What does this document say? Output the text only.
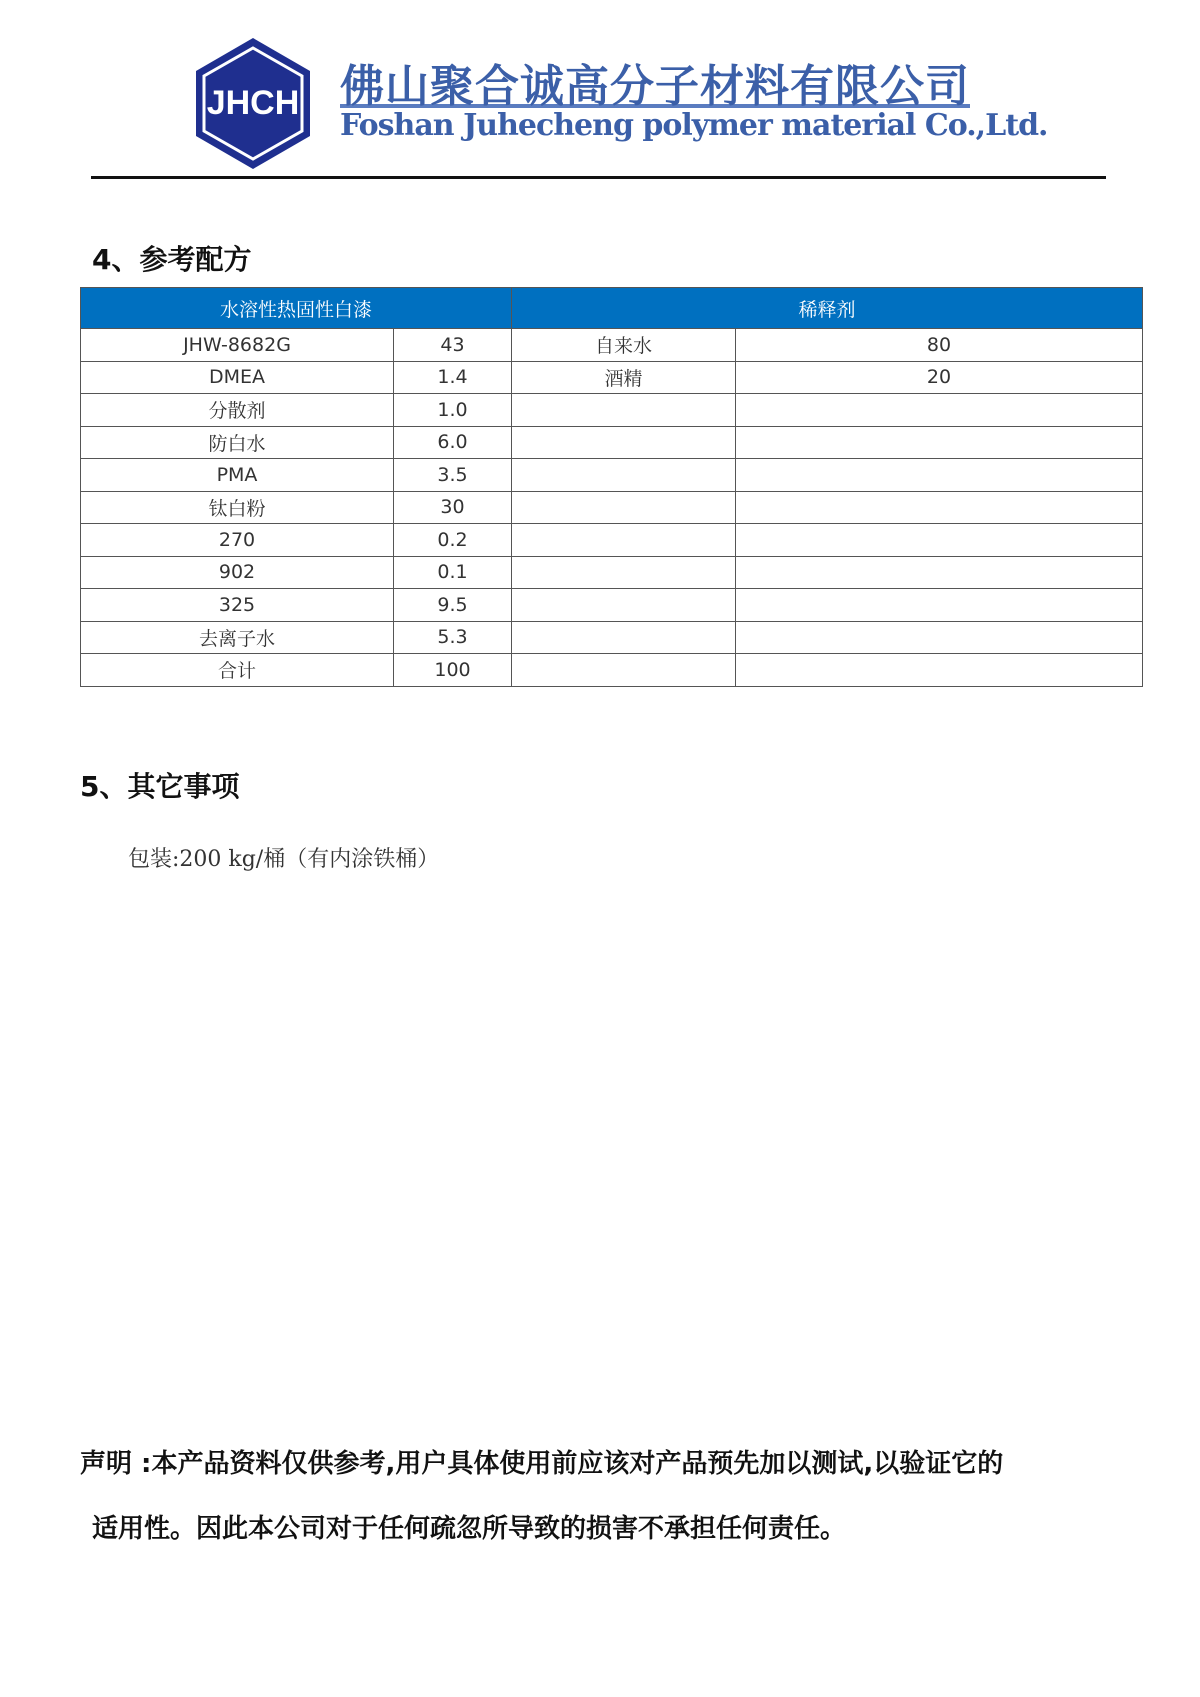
JHCH 佛山聚合诚高分子材料有限公司
Foshan Juhecheng polymer material Co.,Ltd.
4、参考配方
水溶性热固性白漆		稀释剂	
JHW-8682G	43	自来水	80
DMEA	1.4	酒精	20
分散剂	1.0		
防白水	6.0		
PMA	3.5		
钛白粉	30		
270	0.2		
902	0.1		
325	9.5		
去离子水	5.3		
合计	100		
5、其它事项
包装:200 kg/桶（有内涂铁桶）
声明 :本产品资料仅供参考,用户具体使用前应该对产品预先加以测试,以验证它的
适用性。因此本公司对于任何疏忽所导致的损害不承担任何责任。
